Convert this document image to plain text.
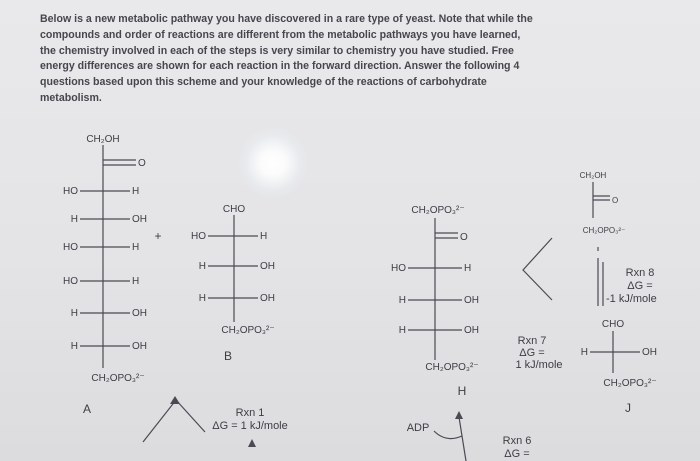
Below is a new metabolic pathway you have discovered in a rare type of yeast. Note that while the
compounds and order of reactions are different from the metabolic pathways you have learned,
the chemistry involved in each of the steps is very similar to chemistry you have studied. Free
energy differences are shown for each reaction in the forward direction. Answer the following 4
questions based upon this scheme and your knowledge of the reactions of carbohydrate
metabolism.
CH₂OH
O
HO	H
H	OH
HO	H
HO	H
H	OH
H	OH
CH₂OPO₃²⁻
A
+
CHO
HO	H
H	OH
H	OH
CH₂OPO₃²⁻
B
Rxn 1
ΔG = 1 kJ/mole
CH₂OPO₃²⁻
O
HO	H
H	OH
H	OH
CH₂OPO₃²⁻
H
ADP
Rxn 6
ΔG =
Rxn 7
ΔG =
1 kJ/mole
CH₂OH
O
CH₂OPO₃²⁻
Rxn 8
ΔG =
-1 kJ/mole
CHO
H	OH
CH₂OPO₃²⁻
J
